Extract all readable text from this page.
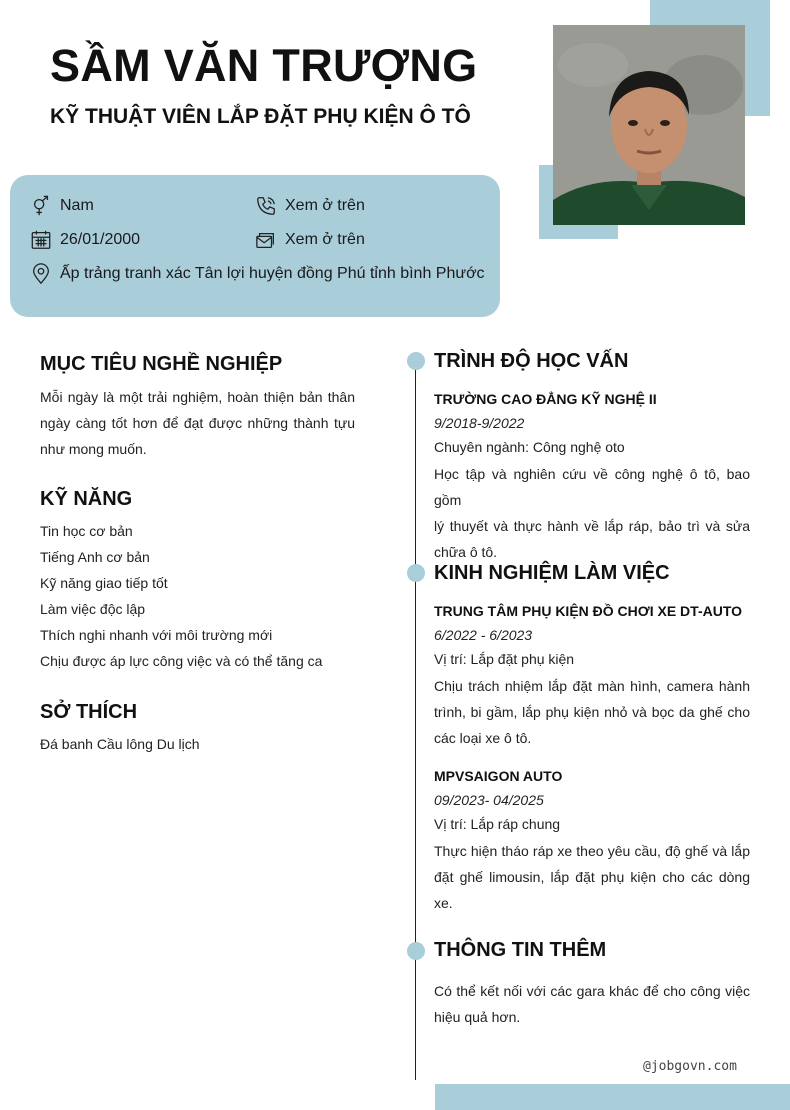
SẦM VĂN TRƯỢNG
KỸ THUẬT VIÊN LẮP ĐẶT PHỤ KIỆN Ô TÔ
Nam	Xem ở trên
26/01/2000	Xem ở trên
Ấp trảng tranh xác Tân lợi huyện đồng Phú tỉnh bình Phước
MỤC TIÊU NGHỀ NGHIỆP
Mỗi ngày là một trải nghiệm, hoàn thiện bản thân
ngày càng tốt hơn để đạt được những thành tựu
như mong muốn.
KỸ NĂNG
Tin học cơ bản
Tiếng Anh cơ bản
Kỹ năng giao tiếp tốt
Làm việc độc lập
Thích nghi nhanh với môi trường mới
Chịu được áp lực công việc và có thể tăng ca
SỞ THÍCH
Đá banh Cầu lông Du lịch
TRÌNH ĐỘ HỌC VẤN
TRƯỜNG CAO ĐẲNG KỸ NGHỆ II
9/2018-9/2022
Chuyên ngành: Công nghệ oto
Học tập và nghiên cứu về công nghệ ô tô, bao gồm
lý thuyết và thực hành về lắp ráp, bảo trì và sửa
chữa ô tô.
KINH NGHIỆM LÀM VIỆC
TRUNG TÂM PHỤ KIỆN ĐỒ CHƠI XE DT-AUTO
6/2022 - 6/2023
Vị trí: Lắp đặt phụ kiện
Chịu trách nhiệm lắp đặt màn hình, camera hành
trình, bi gầm, lắp phụ kiện nhỏ và bọc da ghế cho
các loại xe ô tô.
MPVSAIGON AUTO
09/2023- 04/2025
Vị trí: Lắp ráp chung
Thực hiện tháo ráp xe theo yêu cầu, độ ghế và lắp
đặt ghế limousin, lắp đặt phụ kiện cho các dòng
xe.
THÔNG TIN THÊM
Có thể kết nối với các gara khác để cho công việc
hiệu quả hơn.
@jobgovn.com
